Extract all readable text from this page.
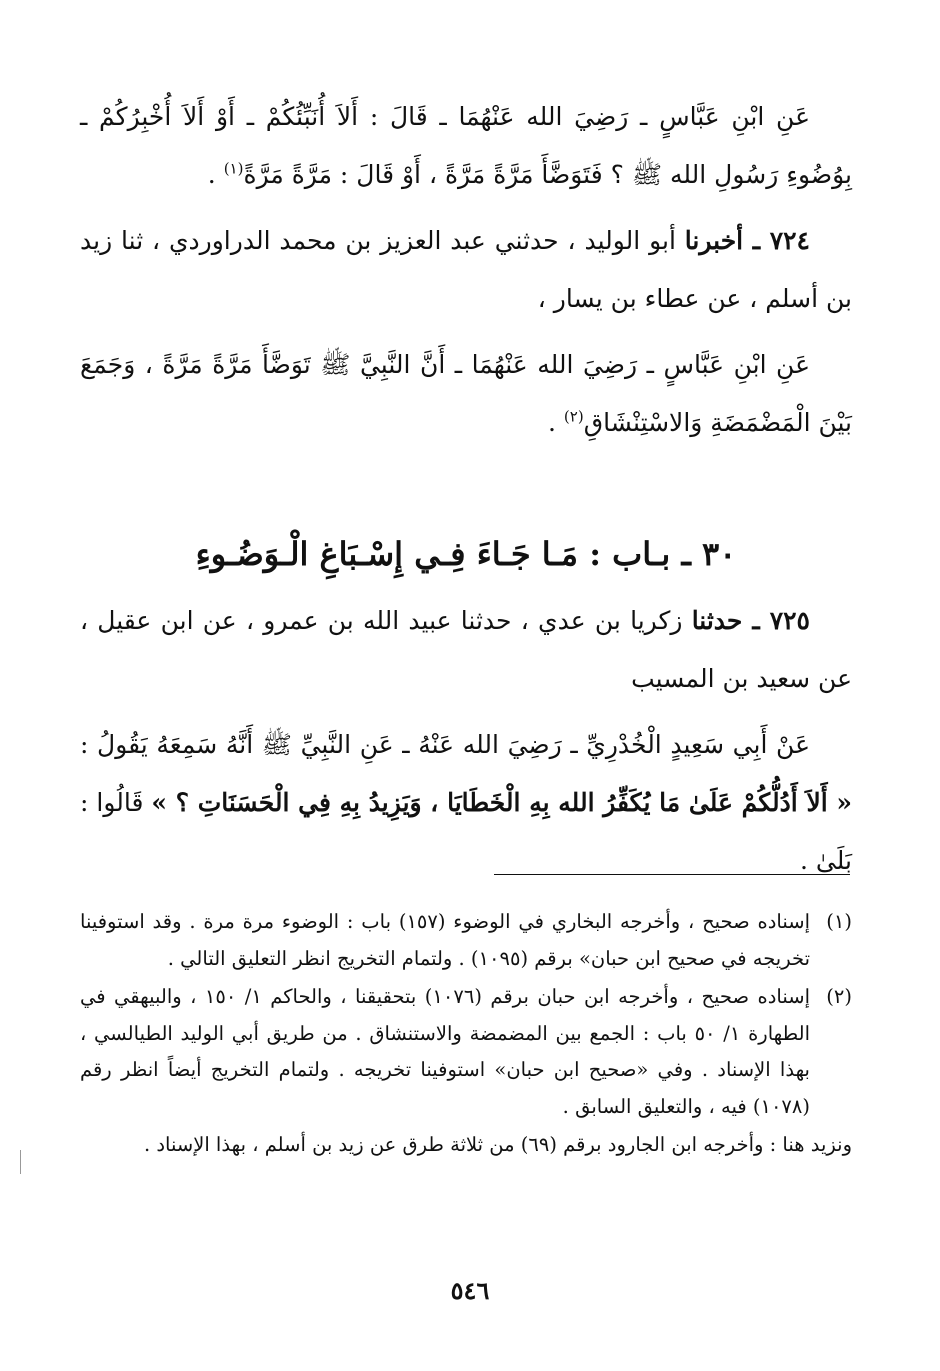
عَنِ ابْنِ عَبَّاسٍ ـ رَضِيَ الله عَنْهُمَا ـ قَالَ : أَلاَ أُنَبِّئُكُمْ ـ أَوْ أَلاَ أُخْبِرُكُمْ ـ بِوُضُوءِ رَسُولِ الله ﷺ ؟ فَتَوَضَّأَ مَرَّةً مَرَّةً ، أَوْ قَالَ : مَرَّةً مَرَّةً$^{(١)}$ .

٧٢٤ ـ أخبرنا أبو الوليد ، حدثني عبد العزيز بن محمد الدراوردي ، ثنا زيد بن أسلم ، عن عطاء بن يسار ،

عَنِ ابْنِ عَبَّاسٍ ـ رَضِيَ الله عَنْهُمَا ـ أَنَّ النَّبِيَّ ﷺ تَوَضَّأَ مَرَّةً مَرَّةً ، وَجَمَعَ بَيْنَ الْمَضْمَضَةِ وَالاسْتِنْشَاقِ$^{(٢)}$ .

٣٠ ـ بـاب : مَـا جَـاءَ فِـي إِسْـبَاغِ الْـوَضُـوءِ

٧٢٥ ـ حدثنا زكريا بن عدي ، حدثنا عبيد الله بن عمرو ، عن ابن عقيل ، عن سعيد بن المسيب

عَنْ أَبِي سَعِيدٍ الْخُدْرِيِّ ـ رَضِيَ الله عَنْهُ ـ عَنِ النَّبِيِّ ﷺ أَنَّهُ سَمِعَهُ يَقُولُ : « أَلاَ أَدُلُّكُمْ عَلَىٰ مَا يُكَفِّرُ الله بِهِ الْخَطَايَا ، وَيَزِيدُ بِهِ فِي الْحَسَنَاتِ ؟ » قَالُوا : بَلَىٰ .

(١)
إسناده صحيح ، وأخرجه البخاري في الوضوء (١٥٧) باب : الوضوء مرة مرة . وقد استوفينا تخريجه في صحيح ابن حبان» برقم (١٠٩٥) . ولتمام التخريج انظر التعليق التالي .
(٢)
إسناده صحيح ، وأخرجه ابن حبان برقم (١٠٧٦) بتحقيقنا ، والحاكم ١/ ١٥٠ ، والبيهقي في الطهارة ١/ ٥٠ باب : الجمع بين المضمضة والاستنشاق . من طريق أبي الوليد الطيالسي ، بهذا الإسناد . وفي «صحيح ابن حبان» استوفينا تخريجه . ولتمام التخريج أيضاً انظر رقم (١٠٧٨) فيه ، والتعليق السابق .

ونزيد هنا : وأخرجه ابن الجارود برقم (٦٩) من ثلاثة طرق عن زيد بن أسلم ، بهذا الإسناد .

٥٤٦
